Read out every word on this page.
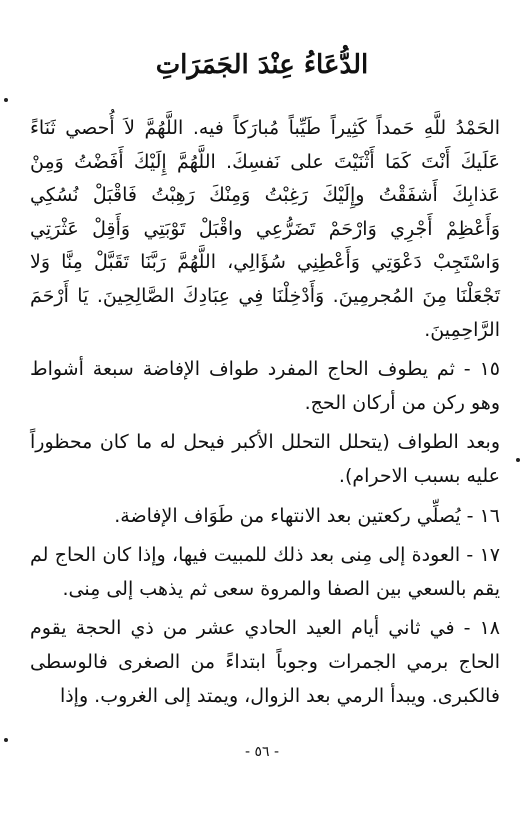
الدُّعَاءُ عِنْدَ الجَمَرَاتِ

الحَمْدُ للَّهِ حَمداً كَثِيراً طَيِّباً مُبارَكاً فيه. اللَّهُمَّ لاَ أُحصي ثَنَاءً عَلَيكَ أَنْتَ كَمَا أَثْنَيْتَ على نَفسِكَ. اللَّهُمَّ إِلَيْكَ أَفَضْتُ وَمِنْ عَذابِكَ أَشفَقْتُ وإِلَيْكَ رَغِبْتُ وَمِنْكَ رَهِبْتُ فَاقْبَلْ نُسُكِي وَأَعْظِمْ أَجْرِي وَارْحَمْ تَضَرُّعِي واقْبَلْ تَوْبَتِي وَأَقِلْ عَثْرَتِي وَاسْتَجِبْ دَعْوَتِي وَأَعْطِنِي سُؤَالِي، اللَّهُمَّ رَبَّنَا تَقَبَّلْ مِنَّا وَلا تَجْعَلْنَا مِنَ المُجرمِينَ. وَأَدْخِلْنَا فِي عِبَادِكَ الصَّالِحِينَ. يَا أَرْحَمَ الرَّاحِمِينَ.

١٥ - ثم يطوف الحاج المفرد طواف الإفاضة سبعة أشواط وهو ركن من أركان الحج.

وبعد الطواف (يتحلل التحلل الأكبر فيحل له ما كان محظوراً عليه بسبب الاحرام).

١٦ - يُصلِّي ركعتين بعد الانتهاء من طَوَاف الإفاضة.

١٧ - العودة إلى مِنى بعد ذلك للمبيت فيها، وإذا كان الحاج لم يقم بالسعي بين الصفا والمروة سعى ثم يذهب إلى مِنى.

١٨ - في ثاني أيام العيد الحادي عشر من ذي الحجة يقوم الحاج برمي الجمرات وجوباً ابتداءً من الصغرى فالوسطى فالكبرى. ويبدأ الرمي بعد الزوال، ويمتد إلى الغروب. وإذا

- ٥٦ -
